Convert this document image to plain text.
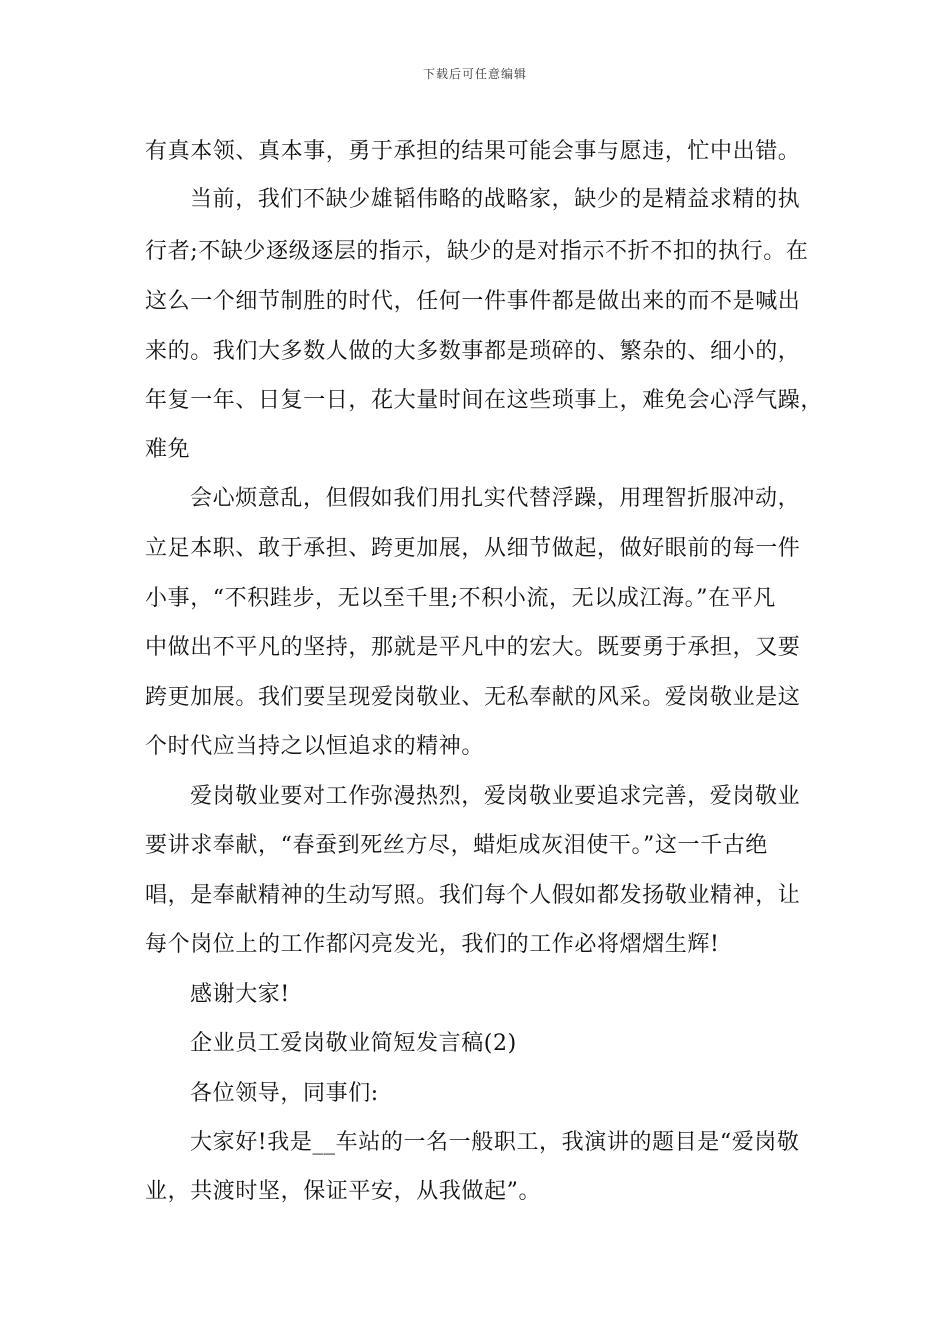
下载后可任意编辑
有真本领、真本事，勇于承担的结果可能会事与愿违，忙中出错。
当前，我们不缺少雄韬伟略的战略家，缺少的是精益求精的执
行者;不缺少逐级逐层的指示，缺少的是对指示不折不扣的执行。在
这么一个细节制胜的时代，任何一件事件都是做出来的而不是喊出
来的。我们大多数人做的大多数事都是琐碎的、繁杂的、细小的，
年复一年、日复一日，花大量时间在这些琐事上，难免会心浮气躁，
难免
会心烦意乱，但假如我们用扎实代替浮躁，用理智折服冲动，
立足本职、敢于承担、跨更加展，从细节做起，做好眼前的每一件
小事，“不积跬步，无以至千里;不积小流，无以成江海。”在平凡
中做出不平凡的坚持，那就是平凡中的宏大。既要勇于承担，又要
跨更加展。我们要呈现爱岗敬业、无私奉献的风采。爱岗敬业是这
个时代应当持之以恒追求的精神。
爱岗敬业要对工作弥漫热烈，爱岗敬业要追求完善，爱岗敬业
要讲求奉献，“春蚕到死丝方尽，蜡炬成灰泪使干。”这一千古绝
唱，是奉献精神的生动写照。我们每个人假如都发扬敬业精神，让
每个岗位上的工作都闪亮发光，我们的工作必将熠熠生辉!
感谢大家!
企业员工爱岗敬业简短发言稿(2)
各位领导，同事们:
大家好!我是__车站的一名一般职工，我演讲的题目是“爱岗敬
业，共渡时坚，保证平安，从我做起”。
